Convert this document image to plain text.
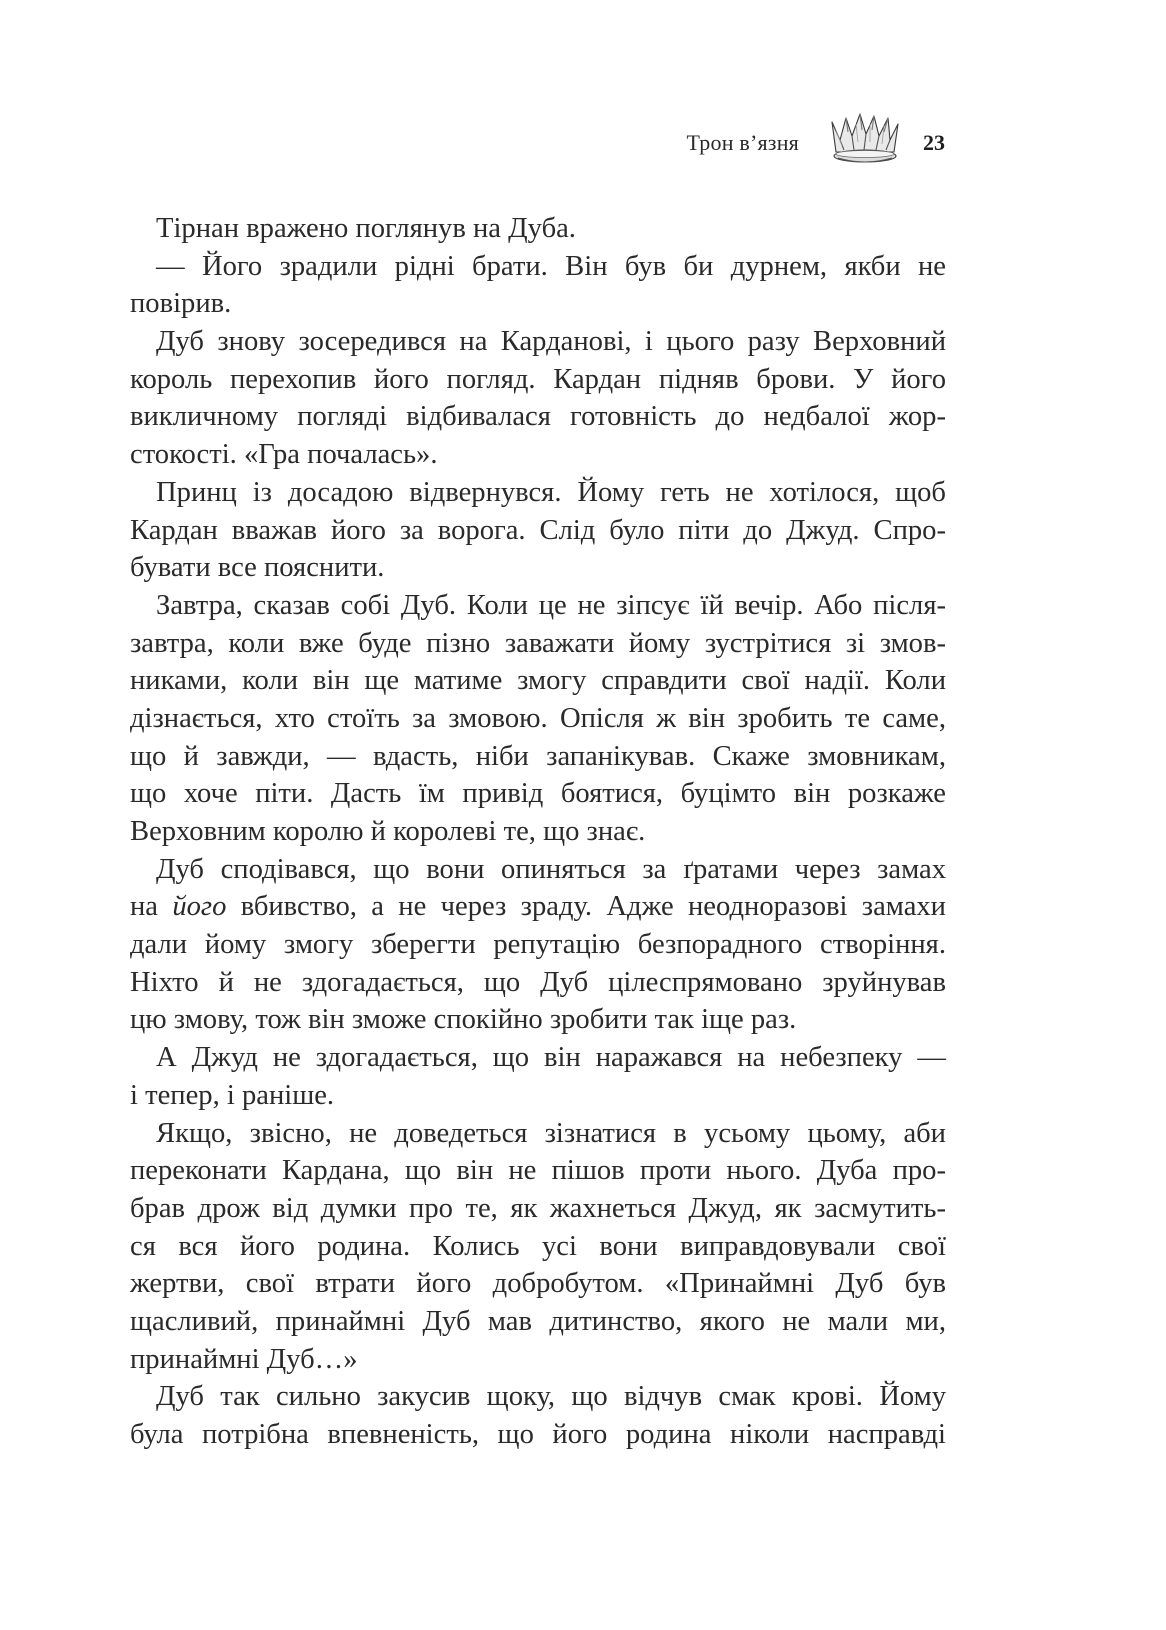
Трон в’язня	23
Тірнан вражено поглянув на Дуба.
— Його зрадили рідні брати. Він був би дурнем, якби не
повірив.
Дуб знову зосередився на Карданові, і цього разу Верховний
король перехопив його погляд. Кардан підняв брови. У його
викличному погляді відбивалася готовність до недбалої жор-
стокості. «Гра почалась».
Принц із досадою відвернувся. Йому геть не хотілося, щоб
Кардан вважав його за ворога. Слід було піти до Джуд. Спро-
бувати все пояснити.
Завтра, сказав собі Дуб. Коли це не зіпсує їй вечір. Або після-
завтра, коли вже буде пізно заважати йому зустрітися зі змов-
никами, коли він ще матиме змогу справдити свої надії. Коли
дізнається, хто стоїть за змовою. Опісля ж він зробить те саме,
що й завжди, — вдасть, ніби запанікував. Скаже змовникам,
що хоче піти. Дасть їм привід боятися, буцімто він розкаже
Верховним королю й королеві те, що знає.
Дуб сподівався, що вони опиняться за ґратами через замах
на його вбивство, а не через зраду. Адже неодноразові замахи
дали йому змогу зберегти репутацію безпорадного створіння.
Ніхто й не здогадається, що Дуб цілеспрямовано зруйнував
цю змову, тож він зможе спокійно зробити так іще раз.
А Джуд не здогадається, що він наражався на небезпеку —
і тепер, і раніше.
Якщо, звісно, не доведеться зізнатися в усьому цьому, аби
переконати Кардана, що він не пішов проти нього. Дуба про-
брав дрож від думки про те, як жахнеться Джуд, як засмутить-
ся вся його родина. Колись усі вони виправдовували свої
жертви, свої втрати його добробутом. «Принаймні Дуб був
щасливий, принаймні Дуб мав дитинство, якого не мали ми,
принаймні Дуб…»
Дуб так сильно закусив щоку, що відчув смак крові. Йому
була потрібна впевненість, що його родина ніколи насправді
